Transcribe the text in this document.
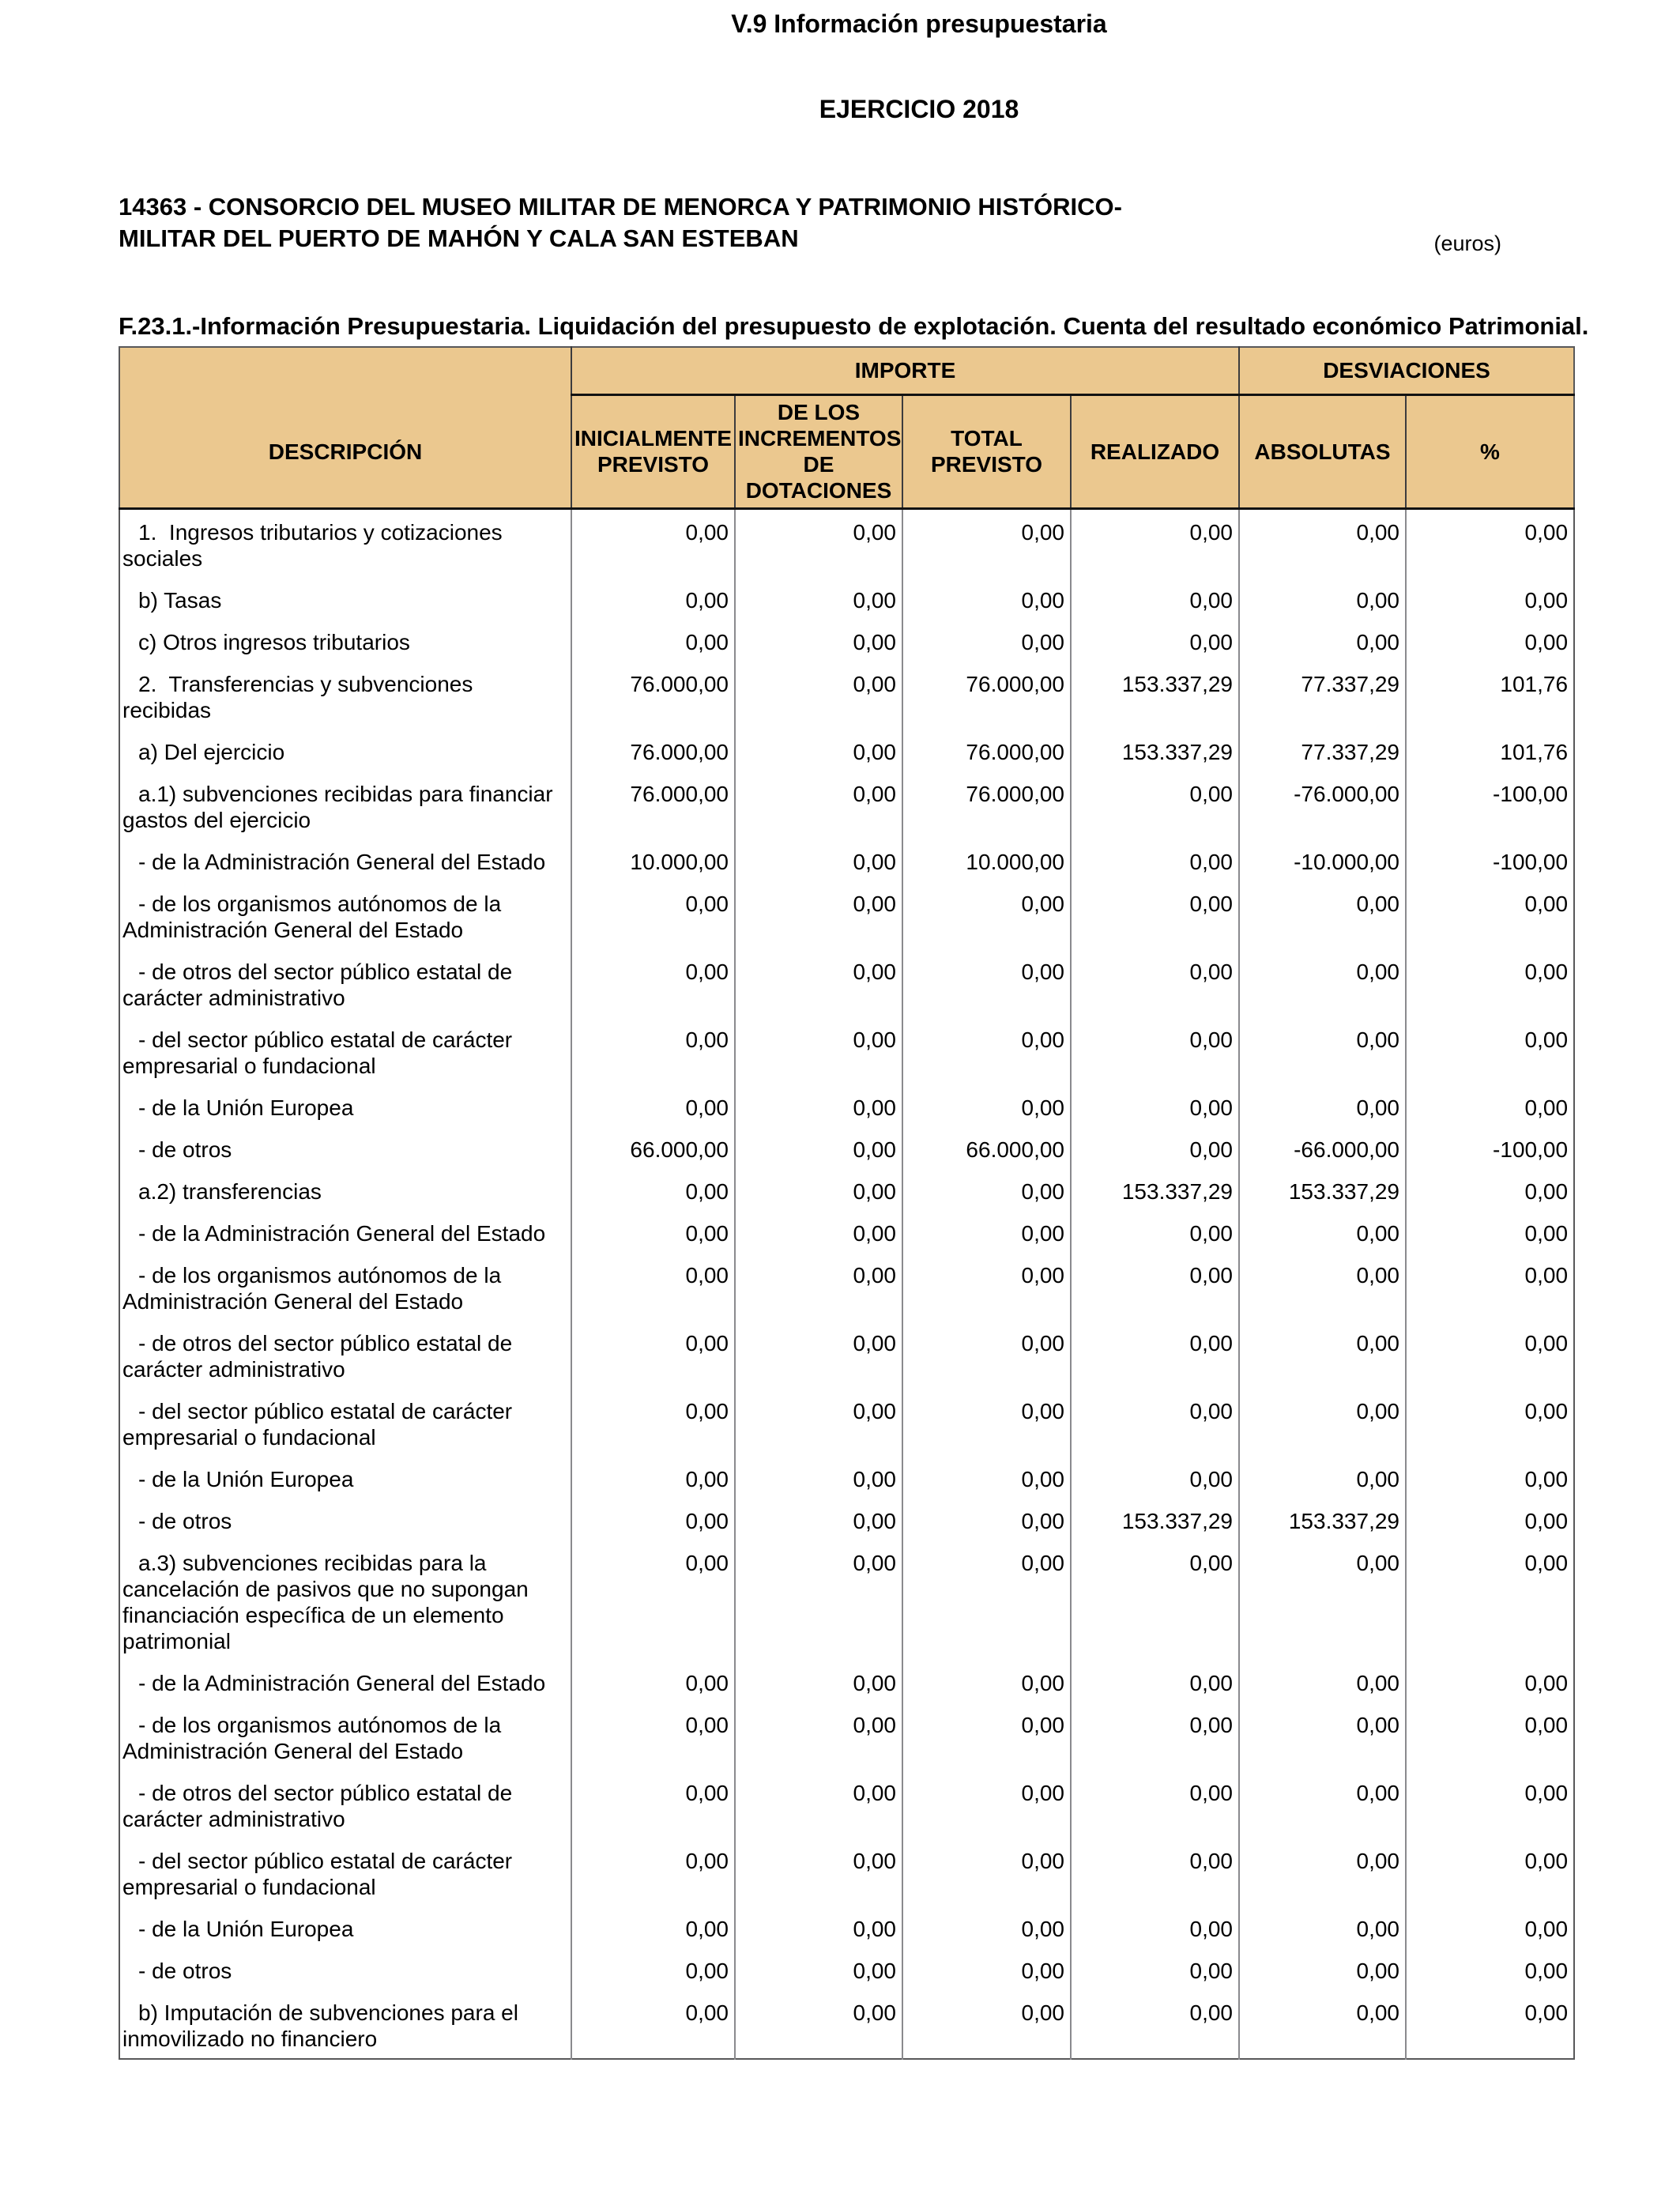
V.9 Información presupuestaria
EJERCICIO 2018
14363 - CONSORCIO DEL MUSEO MILITAR DE MENORCA Y PATRIMONIO HISTÓRICO-
MILITAR DEL PUERTO DE MAHÓN Y CALA SAN ESTEBAN	(euros)
F.23.1.-Información Presupuestaria. Liquidación del presupuesto de explotación. Cuenta del resultado económico Patrimonial.
DESCRIPCIÓN	IMPORTE				DESVIACIONES	
	INICIALMENTE PREVISTO	DE LOS INCREMENTOS DE DOTACIONES	TOTAL PREVISTO	REALIZADO	ABSOLUTAS	%
1.  Ingresos tributarios y cotizaciones sociales	0,00	0,00	0,00	0,00	0,00	0,00
b) Tasas	0,00	0,00	0,00	0,00	0,00	0,00
c) Otros ingresos tributarios	0,00	0,00	0,00	0,00	0,00	0,00
2.  Transferencias y subvenciones recibidas	76.000,00	0,00	76.000,00	153.337,29	77.337,29	101,76
a) Del ejercicio	76.000,00	0,00	76.000,00	153.337,29	77.337,29	101,76
a.1) subvenciones recibidas para financiar gastos del ejercicio	76.000,00	0,00	76.000,00	0,00	-76.000,00	-100,00
- de la Administración General del Estado	10.000,00	0,00	10.000,00	0,00	-10.000,00	-100,00
- de los organismos autónomos de la Administración General del Estado	0,00	0,00	0,00	0,00	0,00	0,00
- de otros del sector público estatal de carácter administrativo	0,00	0,00	0,00	0,00	0,00	0,00
- del sector público estatal de carácter empresarial o fundacional	0,00	0,00	0,00	0,00	0,00	0,00
- de la Unión Europea	0,00	0,00	0,00	0,00	0,00	0,00
- de otros	66.000,00	0,00	66.000,00	0,00	-66.000,00	-100,00
a.2) transferencias	0,00	0,00	0,00	153.337,29	153.337,29	0,00
- de la Administración General del Estado	0,00	0,00	0,00	0,00	0,00	0,00
- de los organismos autónomos de la Administración General del Estado	0,00	0,00	0,00	0,00	0,00	0,00
- de otros del sector público estatal de carácter administrativo	0,00	0,00	0,00	0,00	0,00	0,00
- del sector público estatal de carácter empresarial o fundacional	0,00	0,00	0,00	0,00	0,00	0,00
- de la Unión Europea	0,00	0,00	0,00	0,00	0,00	0,00
- de otros	0,00	0,00	0,00	153.337,29	153.337,29	0,00
a.3) subvenciones recibidas para la cancelación de pasivos que no supongan financiación específica de un elemento patrimonial	0,00	0,00	0,00	0,00	0,00	0,00
- de la Administración General del Estado	0,00	0,00	0,00	0,00	0,00	0,00
- de los organismos autónomos de la Administración General del Estado	0,00	0,00	0,00	0,00	0,00	0,00
- de otros del sector público estatal de carácter administrativo	0,00	0,00	0,00	0,00	0,00	0,00
- del sector público estatal de carácter empresarial o fundacional	0,00	0,00	0,00	0,00	0,00	0,00
- de la Unión Europea	0,00	0,00	0,00	0,00	0,00	0,00
- de otros	0,00	0,00	0,00	0,00	0,00	0,00
b) Imputación de subvenciones para el inmovilizado no financiero	0,00	0,00	0,00	0,00	0,00	0,00
